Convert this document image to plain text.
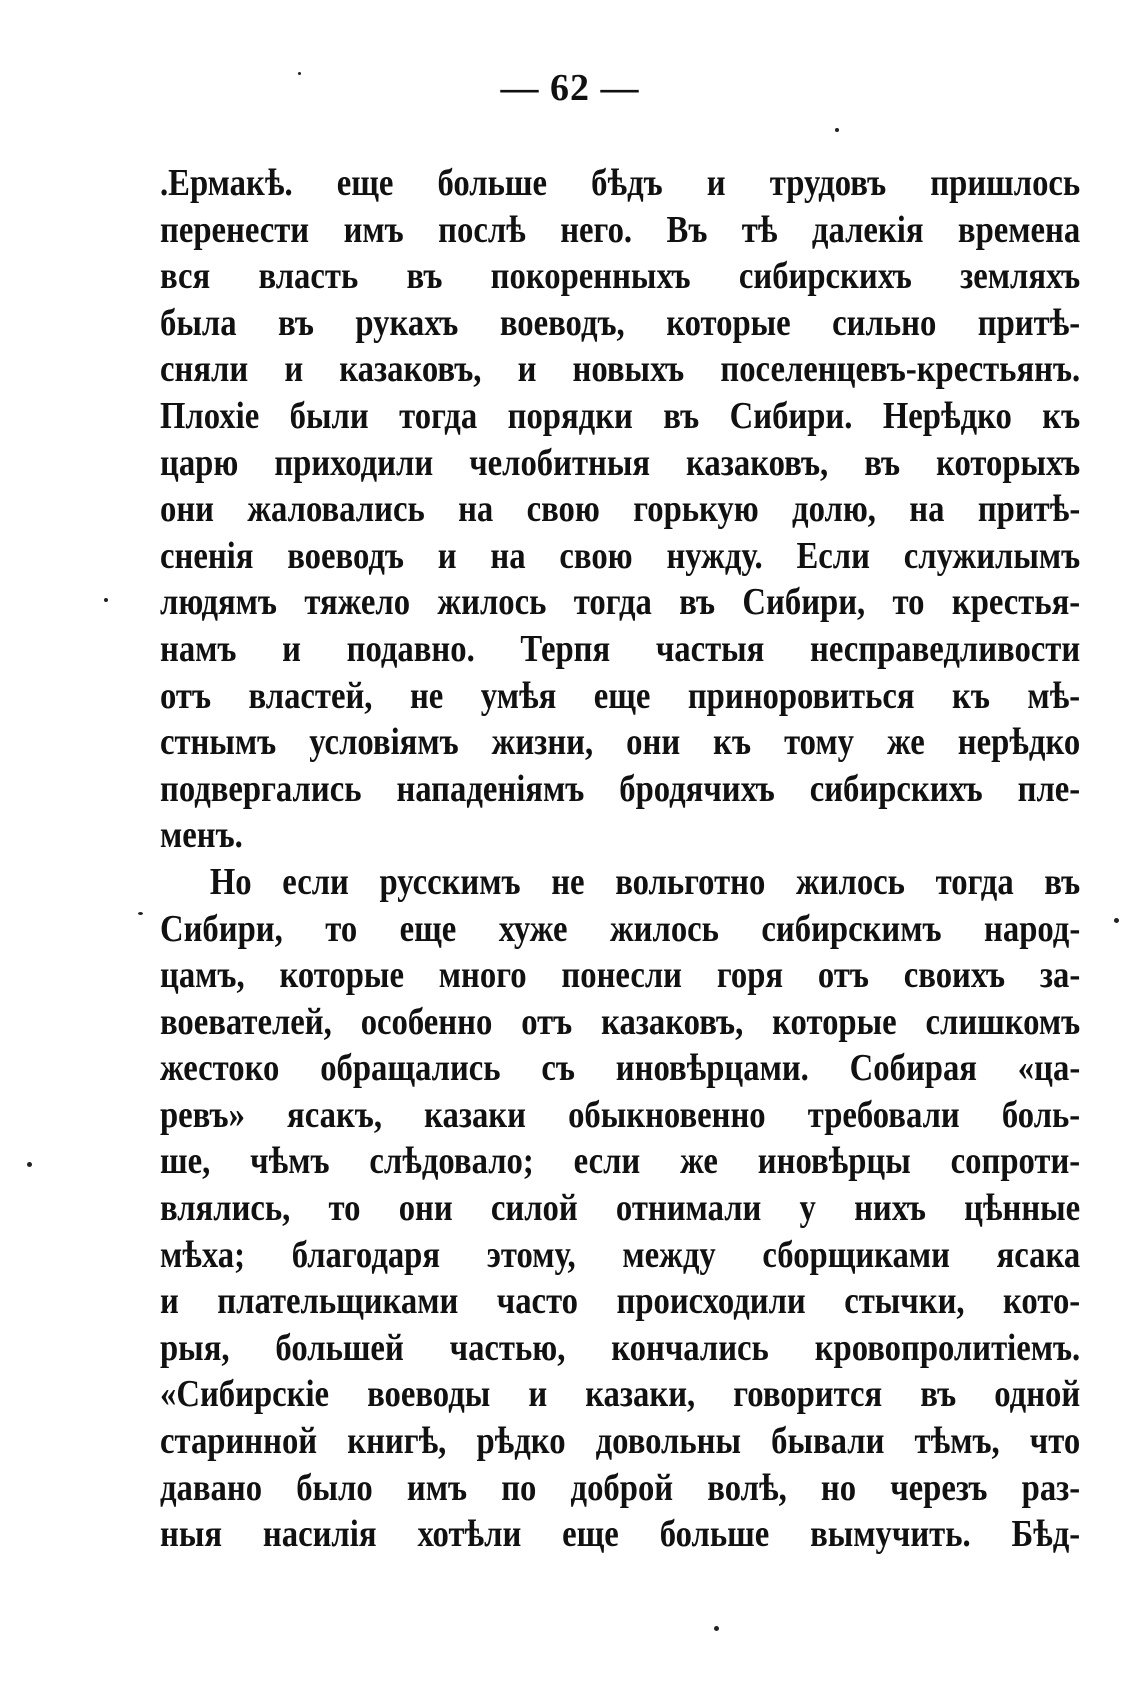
— 62 —
.Ермакѣ. еще больше бѣдъ и трудовъ пришлось
перенести имъ послѣ него. Въ тѣ далекія времена
вся власть въ покоренныхъ сибирскихъ земляхъ
была въ рукахъ воеводъ, которые сильно притѣ-
сняли и казаковъ, и новыхъ поселенцевъ-крестьянъ.
Плохіе были тогда порядки въ Сибири. Нерѣдко къ
царю приходили челобитныя казаковъ, въ которыхъ
они жаловались на свою горькую долю, на притѣ-
сненія воеводъ и на свою нужду. Если служилымъ
людямъ тяжело жилось тогда въ Сибири, то крестья-
намъ и подавно. Терпя частыя несправедливости
отъ властей, не умѣя еще приноровиться къ мѣ-
стнымъ условіямъ жизни, они къ тому же нерѣдко
подвергались нападеніямъ бродячихъ сибирскихъ пле-
менъ.
Но если русскимъ не вольготно жилось тогда въ
Сибири, то еще хуже жилось сибирскимъ народ-
цамъ, которые много понесли горя отъ своихъ за-
воевателей, особенно отъ казаковъ, которые слишкомъ
жестоко обращались съ иновѣрцами. Собирая «ца-
ревъ» ясакъ, казаки обыкновенно требовали боль-
ше, чѣмъ слѣдовало; если же иновѣрцы сопроти-
влялись, то они силой отнимали у нихъ цѣнные
мѣха; благодаря этому, между сборщиками ясака
и плательщиками часто происходили стычки, кото-
рыя, большей частью, кончались кровопролитіемъ.
«Сибирскіе воеводы и казаки, говорится въ одной
старинной книгѣ, рѣдко довольны бывали тѣмъ, что
давано было имъ по доброй волѣ, но черезъ раз-
ныя насилія хотѣли еще больше вымучить. Бѣд-
